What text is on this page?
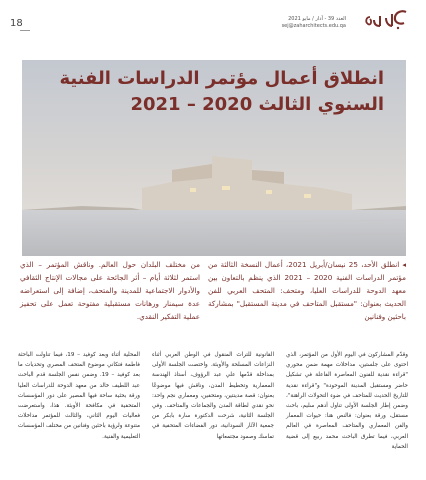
18	العدد 39 - آذار / مايو 2021
sej@zaharchitects.edu.qa
انطلاق أعمال مؤتمر الدراسات الفنية
السنوي الثالث 2020 – 2021
◂ انطلق الأحد، 25 نيسان/أبريل 2021، أعمال النسخة الثالثة من مؤتمر الدراسات الفنية 2020 – 2021 الذي ينظم بالتعاون بين معهد الدوحة للدراسات العليا، ومتحف: المتحف العربي للفن الحديث بعنوان: "مستقبل المتاحف في مدينة المستقبل" بمشاركة باحثين وفنانين
من مختلف البلدان حول العالم. وناقش المؤتمر – الذي استمر لثلاثة أيام – أثر الجائحة على مجالات الإنتاج الثقافي والأدوار الاجتماعية للمدينة والمتحف، إضافة إلى استعراضه عدة سيمنار ورهانات مستقبلية مفتوحة تعمل على تحفيز عملية التفكير النقدي.
وقدّم المشاركون في اليوم الأول من المؤتمر، الذي احتوى على جلستين، مداخلات مهمة ضمن محوري "قراءة نقدية للفنون المعاصرة الفاعلة في تشكيل حاضر ومستقبل المدينة الموحودة" و"قراءة نقدية للتاريخ الحديث للمتاحف في ضوء التحولات الراهنة"، وضمن إطار الجلسة الأولى تناول أدهم سليم، باحث مستقل، ورقة بعنوان: فالنص هنا: حيوات المعمار والفن المعماري والمتاحف المعاصرة في العالم العربي، فيما تطرق الباحث محمد ربيع إلى قضية الحماية
القانونية للتراث المنقول في الوطن العربي أثناء النزاعات المسلحة والأوبئة. واختصت الجلسة الأولى بمداخلة قدّمها علي عبد الرؤوف، أستاذ الهندسة المعمارية وتخطيط المدن، وناقش فيها موضوعًا بعنوان: قصة مدينتين، ومتحفين، ومعماري نجم واحد: نحو نقدي لطاقة المدن والجماعات والمتاحف. وفي الجلسة الثانية، شرحت الدكتورة سارة بابكر من جمعية الآثار السودانية، دور الفضاءات المتحفية في تماسك وصمود مجتمعاتها
المحلية أثناء وبعد كوفيد – 19، فيما تناولت الباحثة فاطمة فتكاني موضوع المتحف المصري وتحديات ما بعد كوفيد – 19. وضمن نفس الجلسة قدم الباحث عبد اللطيف خالد من معهد الدوحة للدراسات العليا ورقة بحثية ساحة فيها المصير على دور المؤسسات المتحفية في مكافحة الأوبئة. هذا، واستعرضت فعاليات اليوم الثاني، والثالث للمؤتمر مداخلات متنوعة ولرؤية باحثين وفنانين من مختلف المؤسسات التعليمية والفنية.
